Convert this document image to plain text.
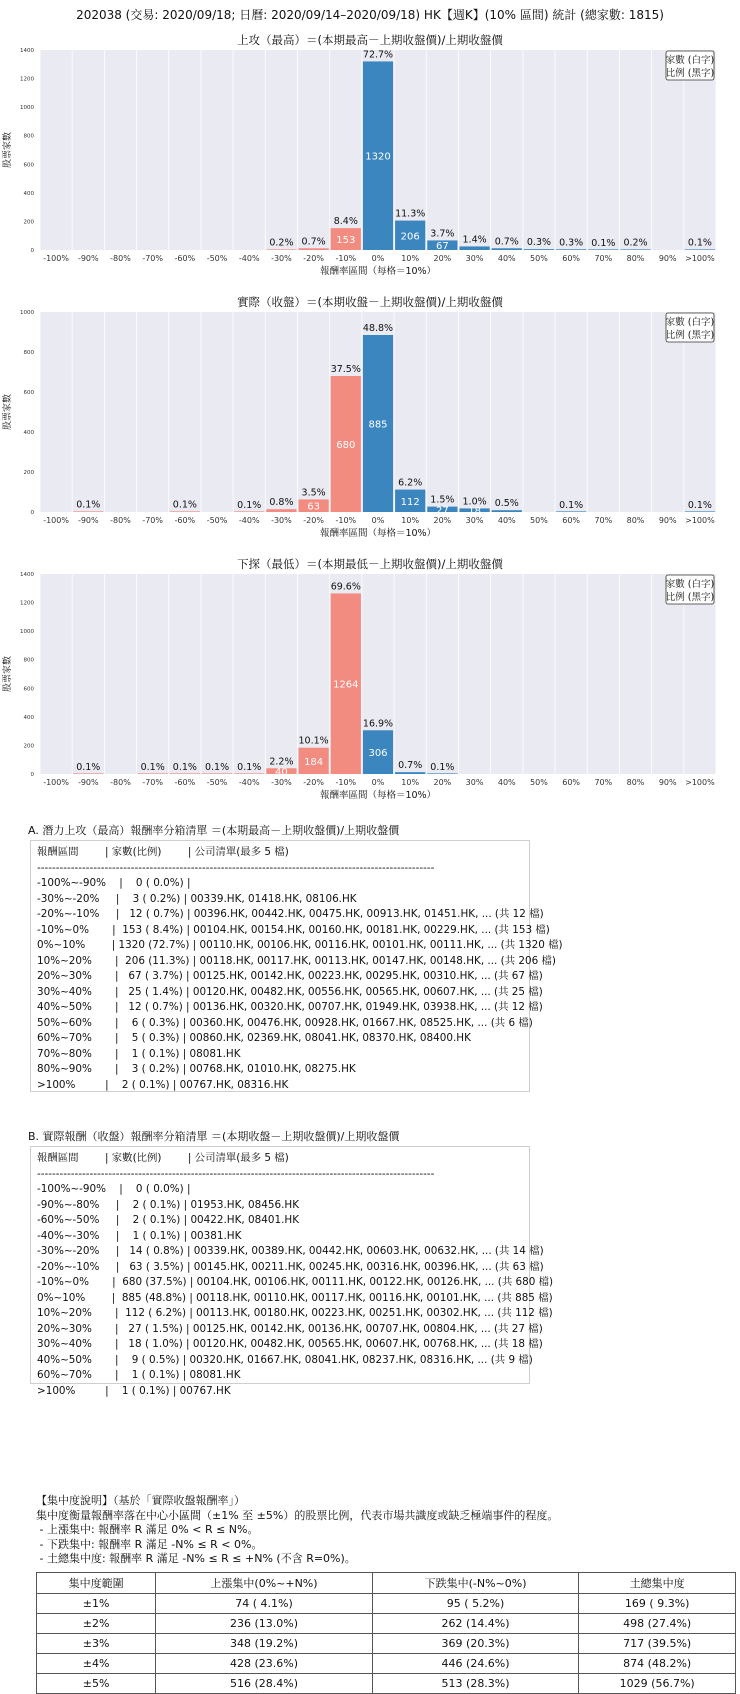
202038 (交易: 2020/09/18; 日曆: 2020/09/14–2020/09/18) HK【週K】(10% 區間) 統計 (總家數: 1815)
上攻（最高）＝(本期最高－上期收盤價)/上期收盤價
0
200
400
600
800
1000
1200
1400
股票家數
-100% -90% -80% -70% -60% -50% -40%
0.2%
-30%
0.7%
-20%
153
8.4%
-10%
1320
72.7%
0%
206
11.3%
10%
67
3.7%
20%
1.4%
30%
0.7%
40%
0.3%
50%
0.3%
60%
0.1%
70%
0.2%
80% 90%
0.1%
>100%
報酬率區間（每格＝10%）
家數 (白字)
比例 (黑字)
實際（收盤）＝(本期收盤－上期收盤價)/上期收盤價
0
200
400
600
800
1000
股票家數
-100%
0.1%
-90% -80% -70%
0.1%
-60% -50%
0.1%
-40%
0.8%
-30%
63
3.5%
-20%
680
37.5%
-10%
885
48.8%
0%
112
6.2%
10%
27
1.5%
20%
18
1.0%
30%
0.5%
40% 50%
0.1%
60% 70% 80% 90%
0.1%
>100%
報酬率區間（每格＝10%）
家數 (白字)
比例 (黑字)
下探（最低）＝(本期最低－上期收盤價)/上期收盤價
0
200
400
600
800
1000
1200
1400
股票家數
-100%
0.1%
-90% -80%
0.1%
-70%
0.1%
-60%
0.1%
-50%
0.1%
-40%
40
2.2%
-30%
184
10.1%
-20%
1264
69.6%
-10%
306
16.9%
0%
0.7%
10%
0.1%
20% 30% 40% 50% 60% 70% 80% 90% >100%
報酬率區間（每格＝10%）
家數 (白字)
比例 (黑字)
A. 潛力上攻（最高）報酬率分箱清單 ＝(本期最高－上期收盤價)/上期收盤價
報酬區間        | 家數(比例)        | 公司清單(最多 5 檔)
----------------------------------------------------------------------------------------------------------
-100%~-90%    |    0 ( 0.0%) |
-30%~-20%     |    3 ( 0.2%) | 00339.HK, 01418.HK, 08106.HK
-20%~-10%     |   12 ( 0.7%) | 00396.HK, 00442.HK, 00475.HK, 00913.HK, 01451.HK, ... (共 12 檔)
-10%~0%       |  153 ( 8.4%) | 00104.HK, 00154.HK, 00160.HK, 00181.HK, 00229.HK, ... (共 153 檔)
0%~10%        | 1320 (72.7%) | 00110.HK, 00106.HK, 00116.HK, 00101.HK, 00111.HK, ... (共 1320 檔)
10%~20%       |  206 (11.3%) | 00118.HK, 00117.HK, 00113.HK, 00147.HK, 00148.HK, ... (共 206 檔)
20%~30%       |   67 ( 3.7%) | 00125.HK, 00142.HK, 00223.HK, 00295.HK, 00310.HK, ... (共 67 檔)
30%~40%       |   25 ( 1.4%) | 00120.HK, 00482.HK, 00556.HK, 00565.HK, 00607.HK, ... (共 25 檔)
40%~50%       |   12 ( 0.7%) | 00136.HK, 00320.HK, 00707.HK, 01949.HK, 03938.HK, ... (共 12 檔)
50%~60%       |    6 ( 0.3%) | 00360.HK, 00476.HK, 00928.HK, 01667.HK, 08525.HK, ... (共 6 檔)
60%~70%       |    5 ( 0.3%) | 00860.HK, 02369.HK, 08041.HK, 08370.HK, 08400.HK
70%~80%       |    1 ( 0.1%) | 08081.HK
80%~90%       |    3 ( 0.2%) | 00768.HK, 01010.HK, 08275.HK
>100%         |    2 ( 0.1%) | 00767.HK, 08316.HK
B. 實際報酬（收盤）報酬率分箱清單 ＝(本期收盤－上期收盤價)/上期收盤價
報酬區間        | 家數(比例)        | 公司清單(最多 5 檔)
----------------------------------------------------------------------------------------------------------
-100%~-90%    |    0 ( 0.0%) |
-90%~-80%     |    2 ( 0.1%) | 01953.HK, 08456.HK
-60%~-50%     |    2 ( 0.1%) | 00422.HK, 08401.HK
-40%~-30%     |    1 ( 0.1%) | 00381.HK
-30%~-20%     |   14 ( 0.8%) | 00339.HK, 00389.HK, 00442.HK, 00603.HK, 00632.HK, ... (共 14 檔)
-20%~-10%     |   63 ( 3.5%) | 00145.HK, 00211.HK, 00245.HK, 00316.HK, 00396.HK, ... (共 63 檔)
-10%~0%       |  680 (37.5%) | 00104.HK, 00106.HK, 00111.HK, 00122.HK, 00126.HK, ... (共 680 檔)
0%~10%        |  885 (48.8%) | 00118.HK, 00110.HK, 00117.HK, 00116.HK, 00101.HK, ... (共 885 檔)
10%~20%       |  112 ( 6.2%) | 00113.HK, 00180.HK, 00223.HK, 00251.HK, 00302.HK, ... (共 112 檔)
20%~30%       |   27 ( 1.5%) | 00125.HK, 00142.HK, 00136.HK, 00707.HK, 00804.HK, ... (共 27 檔)
30%~40%       |   18 ( 1.0%) | 00120.HK, 00482.HK, 00565.HK, 00607.HK, 00768.HK, ... (共 18 檔)
40%~50%       |    9 ( 0.5%) | 00320.HK, 01667.HK, 08041.HK, 08237.HK, 08316.HK, ... (共 9 檔)
60%~70%       |    1 ( 0.1%) | 08081.HK
>100%         |    1 ( 0.1%) | 00767.HK
【集中度說明】（基於「實際收盤報酬率」）
集中度衡量報酬率落在中心小區間（±1% 至 ±5%）的股票比例，代表市場共識度或缺乏極端事件的程度。
- 上漲集中: 報酬率 R 滿足 0% < R ≤ N%。
- 下跌集中: 報酬率 R 滿足 -N% ≤ R < 0%。
- 土總集中度: 報酬率 R 滿足 -N% ≤ R ≤ +N% (不含 R=0%)。
集中度範圍	上漲集中(0%~+N%)	下跌集中(-N%~0%)	土總集中度
±1%	74 ( 4.1%)	95 ( 5.2%)	169 ( 9.3%)
±2%	236 (13.0%)	262 (14.4%)	498 (27.4%)
±3%	348 (19.2%)	369 (20.3%)	717 (39.5%)
±4%	428 (23.6%)	446 (24.6%)	874 (48.2%)
±5%	516 (28.4%)	513 (28.3%)	1029 (56.7%)
